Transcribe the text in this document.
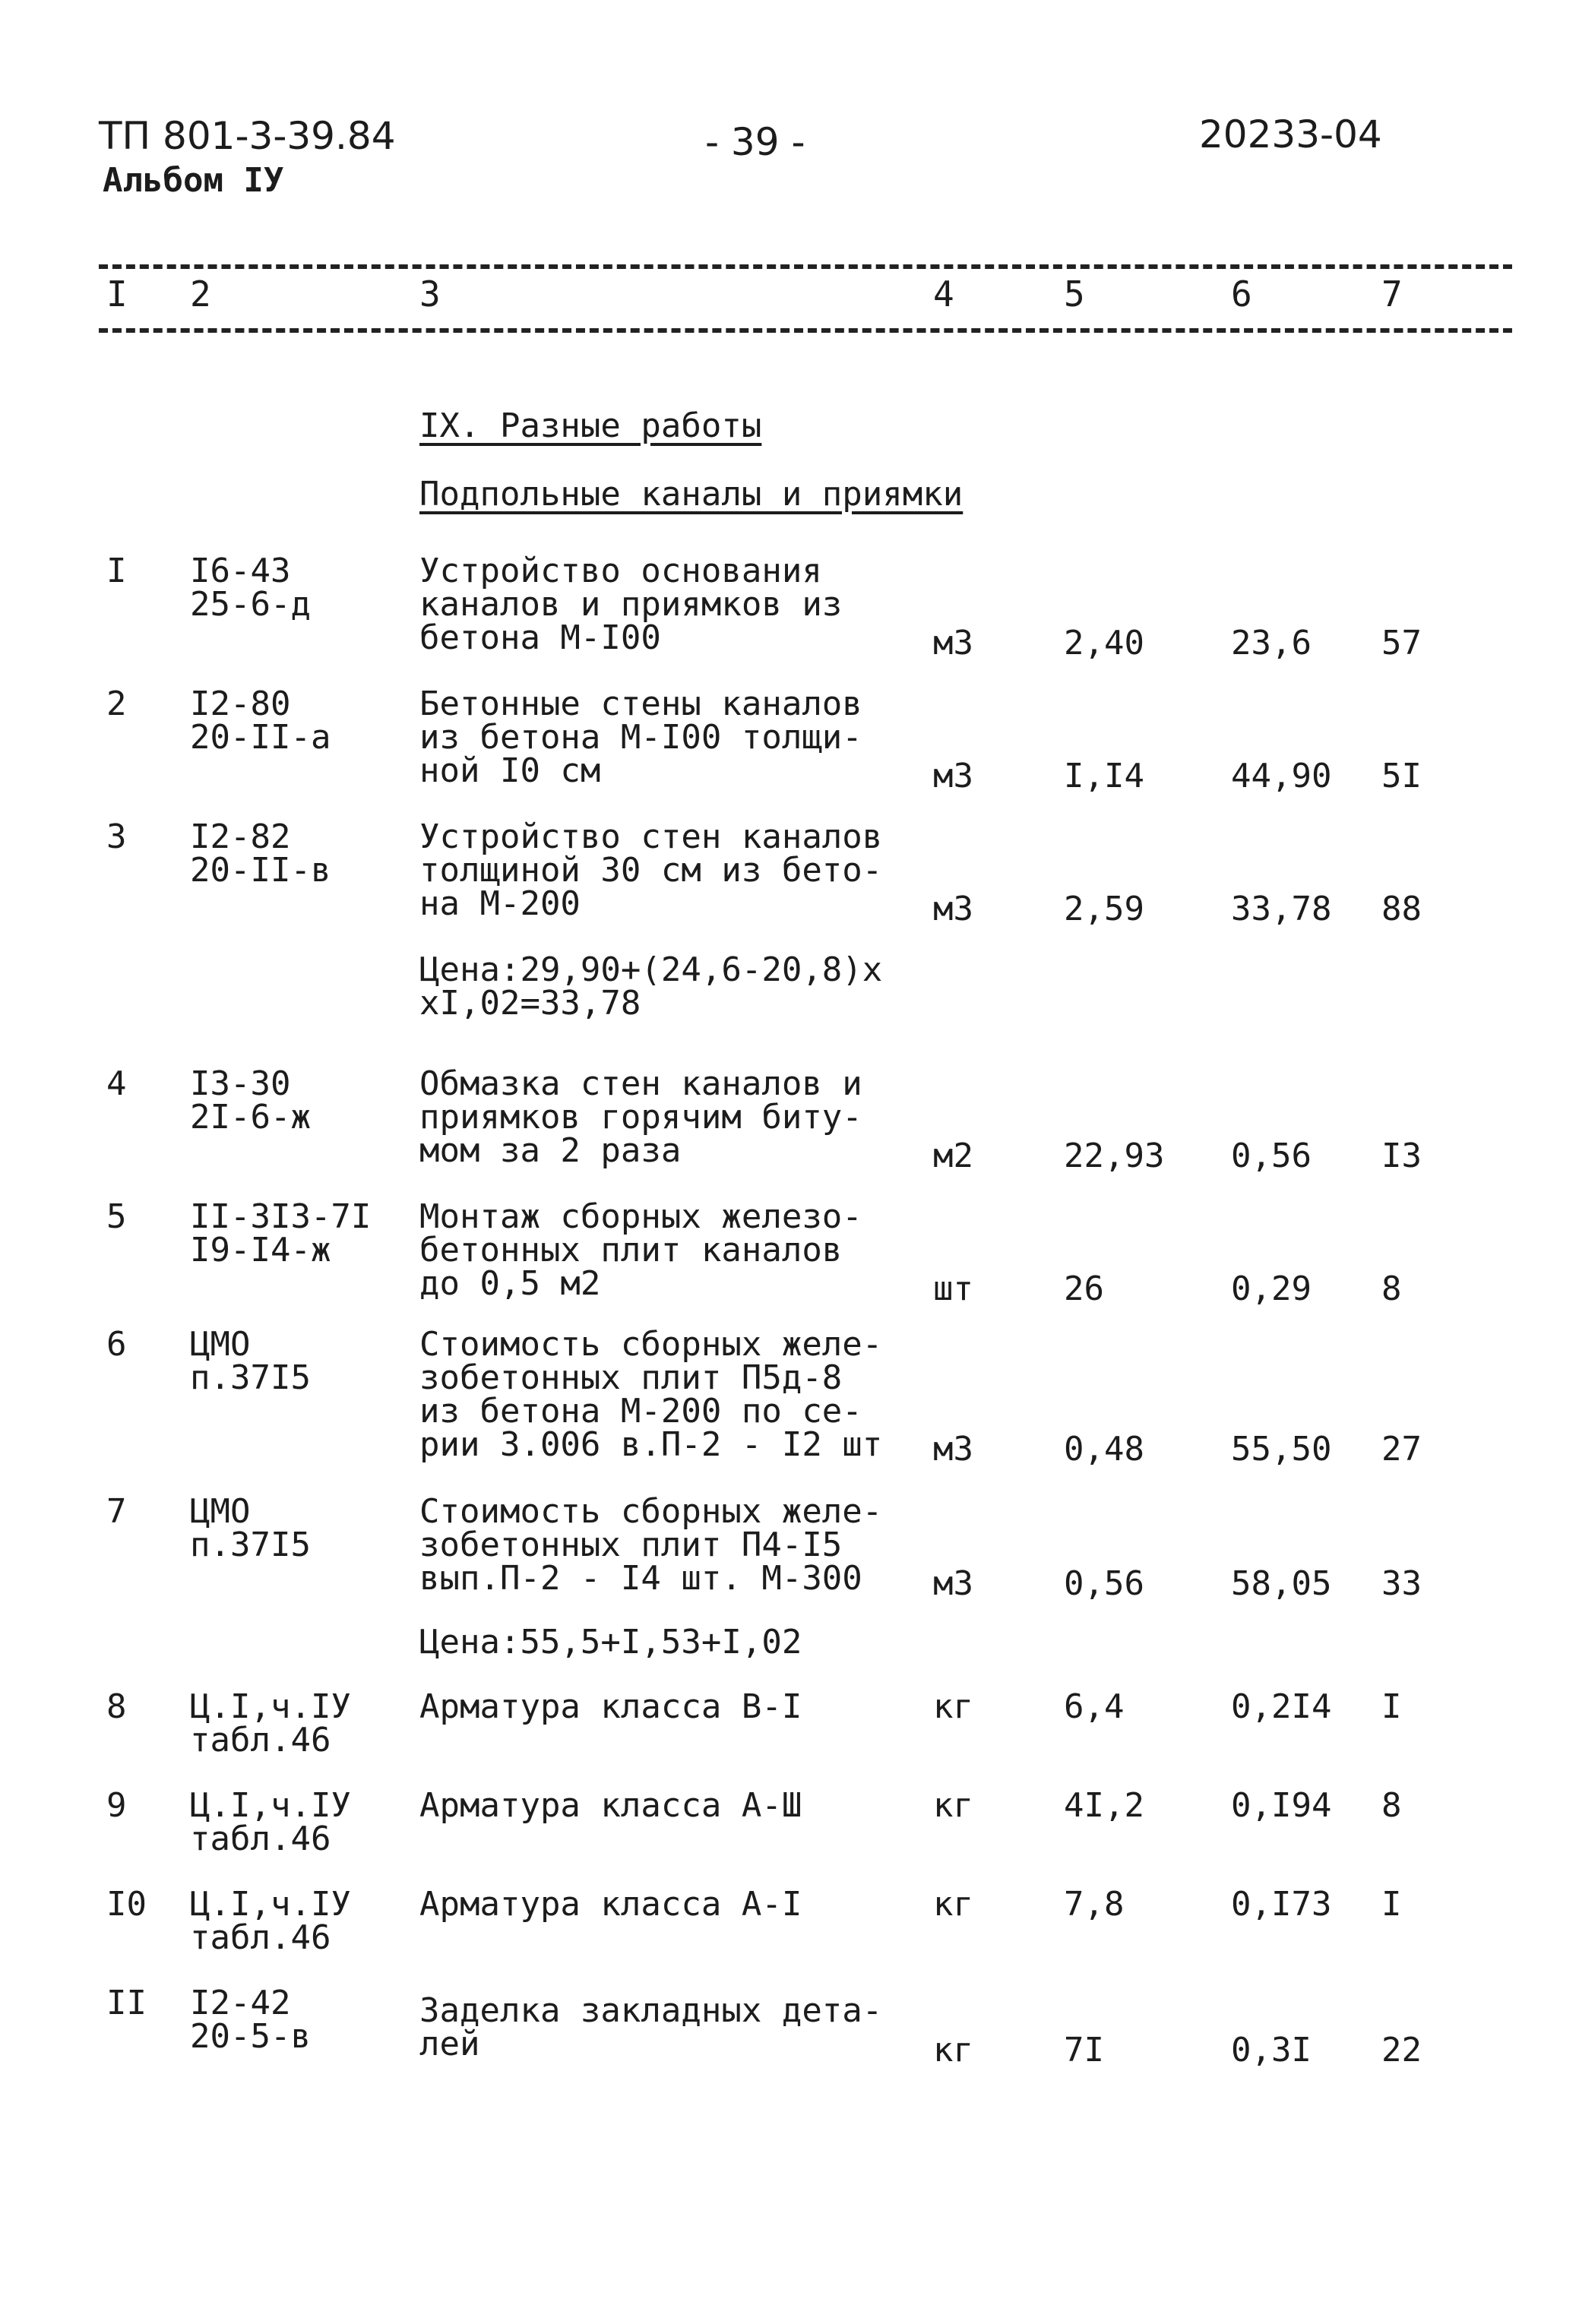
ТП 801-3-39.84
Альбом IУ
- 39 -	20233-04
I 2	3	4	5	6	7
IX. Разные работы
Подпольные каналы и приямки
I I6-43
25-6-д
Устройство основания
каналов и приямков из
бетона М-I00	м3	2,40	23,6 57
2 I2-80
20-II-а
Бетонные стены каналов
из бетона М-I00 толщи-
ной I0 см	м3	I,I4	44,90 5I
3 I2-82
20-II-в
Устройство стен каналов
толщиной 30 см из бето-
на М-200	м3	2,59	33,78 88
Цена:29,90+(24,6-20,8)х
хI,02=33,78
4 I3-30
2I-6-ж
Обмазка стен каналов и
приямков горячим биту-
мом за 2 раза	м2	22,93 0,56 I3
5 II-3I3-7I
I9-I4-ж
Монтаж сборных железо-
бетонных плит каналов
до 0,5 м2	шт	26	0,29 8
6 ЦМО
п.37I5
Стоимость сборных желе-
зобетонных плит П5д-8
из бетона М-200 по се-
рии 3.006 в.П-2 - I2 шт м3	0,48	55,50 27
7 ЦМО
п.37I5
Стоимость сборных желе-
зобетонных плит П4-I5
вып.П-2 - I4 шт. М-300 м3	0,56	58,05 33
Цена:55,5+I,53+I,02
8 Ц.I,ч.IУ
табл.46
Арматура класса В-I	кг	6,4	0,2I4 I
9 Ц.I,ч.IУ
табл.46
Арматура класса А-Ш	кг	4I,2	0,I94 8
I0 Ц.I,ч.IУ
табл.46
Арматура класса А-I	кг	7,8	0,I73 I
II I2-42
20-5-в
Заделка закладных дета-
лей	кг	7I	0,3I 22
